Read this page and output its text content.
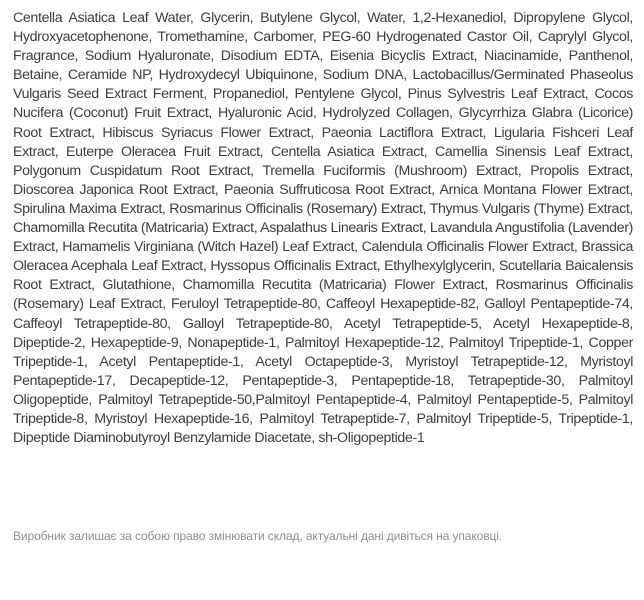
Centella Asiatica Leaf Water, Glycerin, Butylene Glycol, Water, 1,2-Hexanediol, Dipropylene Glycol, Hydroxyacetophenone, Tromethamine, Carbomer, PEG-60 Hydrogenated Castor Oil, Caprylyl Glycol, Fragrance, Sodium Hyaluronate, Disodium EDTA, Eisenia Bicyclis Extract, Niacinamide, Panthenol, Betaine, Ceramide NP, Hydroxydecyl Ubiquinone, Sodium DNA, Lactobacillus/Germinated Phaseolus Vulgaris Seed Extract Ferment, Propanediol, Pentylene Glycol, Pinus Sylvestris Leaf Extract, Cocos Nucifera (Coconut) Fruit Extract, Hyaluronic Acid, Hydrolyzed Collagen, Glycyrrhiza Glabra (Licorice) Root Extract, Hibiscus Syriacus Flower Extract, Paeonia Lactiflora Extract, Ligularia Fishceri Leaf Extract, Euterpe Oleracea Fruit Extract, Centella Asiatica Extract, Camellia Sinensis Leaf Extract, Polygonum Cuspidatum Root Extract, Tremella Fuciformis (Mushroom) Extract, Propolis Extract, Dioscorea Japonica Root Extract, Paeonia Suffruticosa Root Extract, Arnica Montana Flower Extract, Spirulina Maxima Extract, Rosmarinus Officinalis (Rosemary) Extract, Thymus Vulgaris (Thyme) Extract, Chamomilla Recutita (Matricaria) Extract, Aspalathus Linearis Extract, Lavandula Angustifolia (Lavender) Extract, Hamamelis Virginiana (Witch Hazel) Leaf Extract, Calendula Officinalis Flower Extract, Brassica Oleracea Acephala Leaf Extract, Hyssopus Officinalis Extract, Ethylhexylglycerin, Scutellaria Baicalensis Root Extract, Glutathione, Chamomilla Recutita (Matricaria) Flower Extract, Rosmarinus Officinalis (Rosemary) Leaf Extract, Feruloyl Tetrapeptide-80, Caffeoyl Hexapeptide-82, Galloyl Pentapeptide-74, Caffeoyl Tetrapeptide-80, Galloyl Tetrapeptide-80, Acetyl Tetrapeptide-5, Acetyl Hexapeptide-8, Dipeptide-2, Hexapeptide-9, Nonapeptide-1, Palmitoyl Hexapeptide-12, Palmitoyl Tripeptide-1, Copper Tripeptide-1, Acetyl Pentapeptide-1, Acetyl Octapeptide-3, Myristoyl Tetrapeptide-12, Myristoyl Pentapeptide-17, Decapeptide-12, Pentapeptide-3, Pentapeptide-18, Tetrapeptide-30, Palmitoyl Oligopeptide, Palmitoyl Tetrapeptide-50,Palmitoyl Pentapeptide-4, Palmitoyl Pentapeptide-5, Palmitoyl Tripeptide-8, Myristoyl Hexapeptide-16, Palmitoyl Tetrapeptide-7, Palmitoyl Tripeptide-5, Tripeptide-1, Dipeptide Diaminobutyroyl Benzylamide Diacetate, sh-Oligopeptide-1

Виробник залишає за собою право змінювати склад, актуальні дані дивіться на упаковці.
